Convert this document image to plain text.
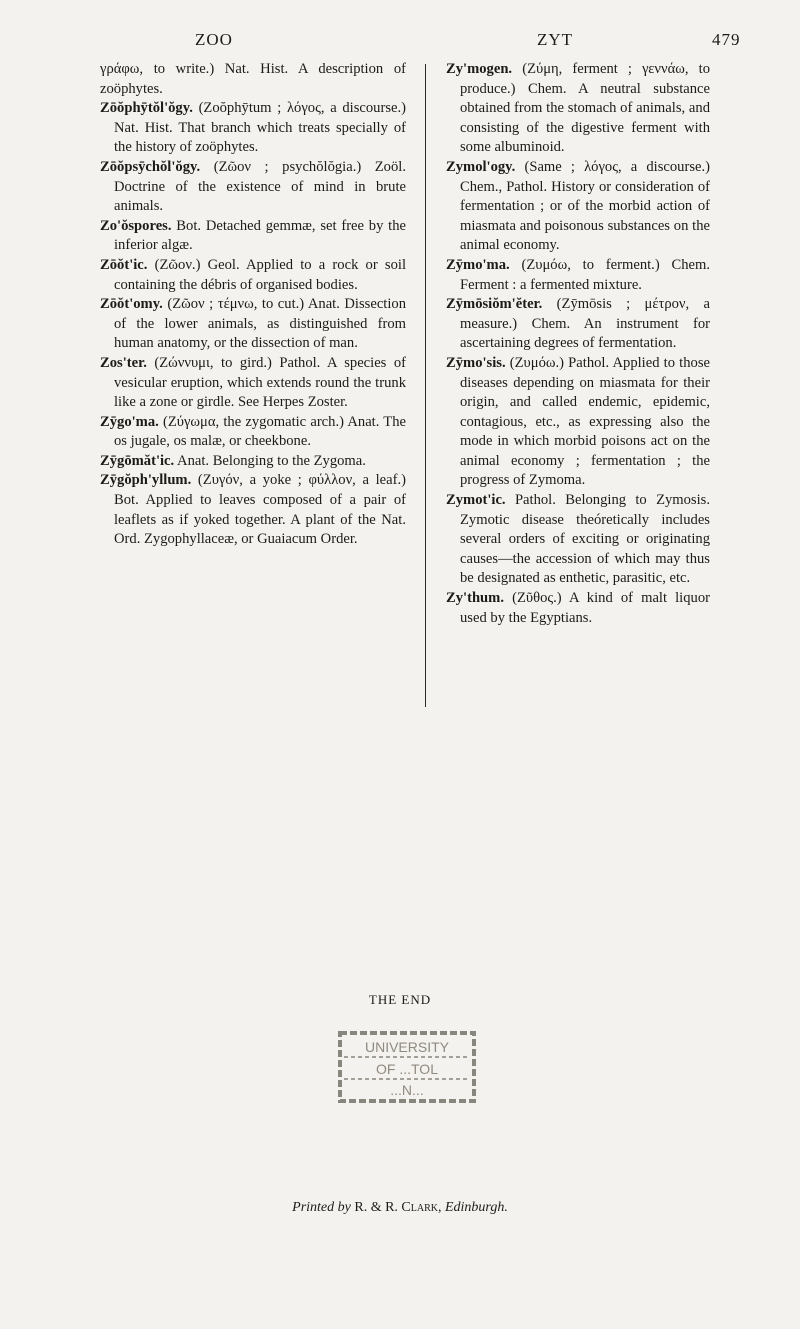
ZOO	ZYT	479

γράφω, to write.) Nat. Hist. A description of zoöphytes.

Zōŏphȳtŏl'ŏgy. (Zoŏphȳtum ; λόγος, a discourse.) Nat. Hist. That branch which treats specially of the history of zoöphytes.

Zōŏpsȳchŏl'ŏgy. (Ζῶον ; psychŏlŏgia.) Zoöl. Doctrine of the existence of mind in brute animals.

Zo'ŏspores. Bot. Detached gemmæ, set free by the inferior algæ.

Zōŏt'ic. (Ζῶον.) Geol. Applied to a rock or soil containing the débris of organised bodies.

Zōŏt'omy. (Ζῶον ; τέμνω, to cut.) Anat. Dissection of the lower animals, as distinguished from human anatomy, or the dissection of man.

Zos'ter. (Ζώννυμι, to gird.) Pathol. A species of vesicular eruption, which extends round the trunk like a zone or girdle. See Herpes Zoster.

Zȳgo'ma. (Ζύγωμα, the zygomatic arch.) Anat. The os jugale, os malæ, or cheekbone.

Zȳgōmăt'ic. Anat. Belonging to the Zygoma.

Zȳgŏph'yllum. (Ζυγόν, a yoke ; φύλλον, a leaf.) Bot. Applied to leaves composed of a pair of leaflets as if yoked together. A plant of the Nat. Ord. Zygophyllaceæ, or Guaiacum Order.

Zy'mogen. (Ζύμη, ferment ; γεννάω, to produce.) Chem. A neutral substance obtained from the stomach of animals, and consisting of the digestive ferment with some albuminoid.

Zymol'ogy. (Same ; λόγος, a discourse.) Chem., Pathol. History or consideration of fermentation ; or of the morbid action of miasmata and poisonous substances on the animal economy.

Zȳmo'ma. (Ζυμόω, to ferment.) Chem. Ferment : a fermented mixture.

Zȳmōsiŏm'ĕter. (Zȳmōsis ; μέτρον, a measure.) Chem. An instrument for ascertaining degrees of fermentation.

Zȳmo'sis. (Ζυμόω.) Pathol. Applied to those diseases depending on miasmata for their origin, and called endemic, epidemic, contagious, etc., as expressing also the mode in which morbid poisons act on the animal economy ; fermentation ; the progress of Zymoma.

Zymot'ic. Pathol. Belonging to Zymosis. Zymotic disease theóretically includes several orders of exciting or originating causes—the accession of which may thus be designated as enthetic, parasitic, etc.

Zy'thum. (Ζῦθος.) A kind of malt liquor used by the Egyptians.

THE END
UNIVERSITY
OF ...TOL
...N...
Printed by R. & R. Clark, Edinburgh.
